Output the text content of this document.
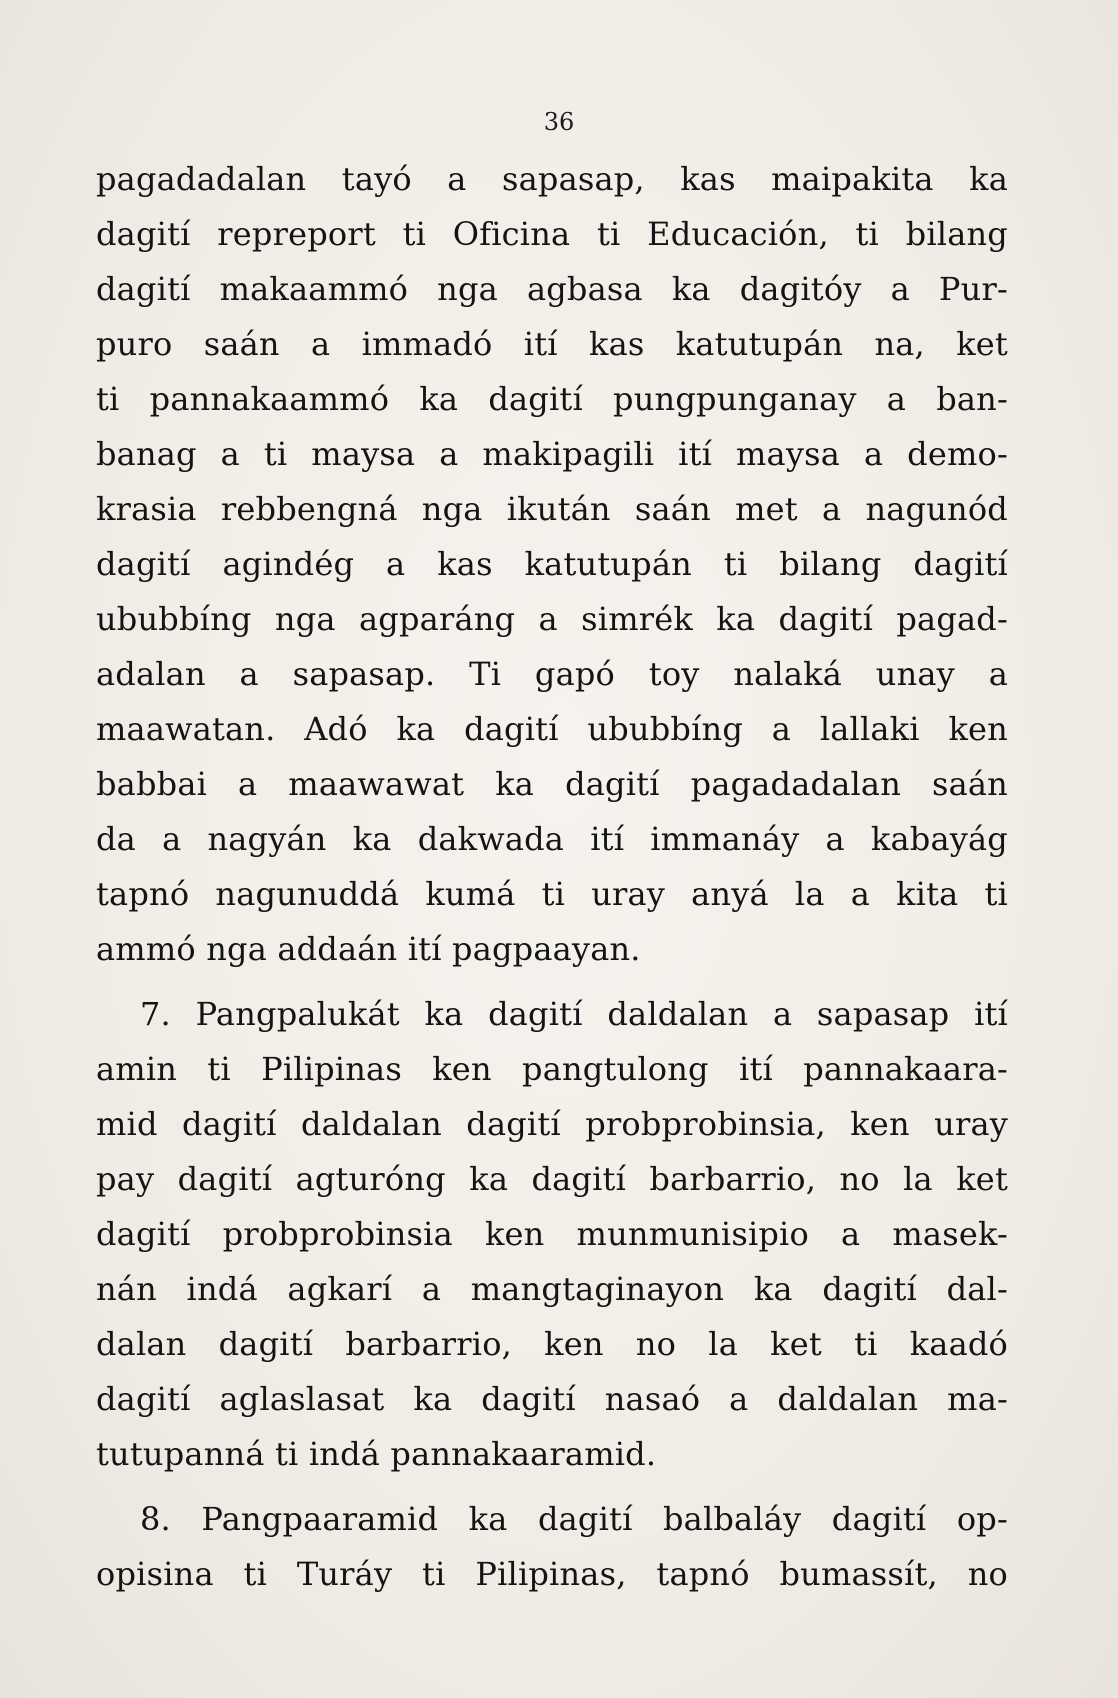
36
pagadadalan tayó a sapasap, kas maipakita ka
dagití repreport ti Oficina ti Educación, ti bilang
dagití makaammó nga agbasa ka dagitóy a Pur-
puro saán a immadó ití kas katutupán na, ket
ti pannakaammó ka dagití pungpunganay a ban-
banag a ti maysa a makipagili ití maysa a demo-
krasia rebbengná nga ikután saán met a nagunód
dagití agindég a kas katutupán ti bilang dagití
ububbíng nga agparáng a simrék ka dagití pagad-
adalan a sapasap. Ti gapó toy nalaká unay a
maawatan. Adó ka dagití ububbíng a lallaki ken
babbai a maawawat ka dagití pagadadalan saán
da a nagyán ka dakwada ití immanáy a kabayág
tapnó nagunuddá kumá ti uray anyá la a kita ti
ammó nga addaán ití pagpaayan.
7. Pangpalukát ka dagití daldalan a sapasap ití
amin ti Pilipinas ken pangtulong ití pannakaara-
mid dagití daldalan dagití probprobinsia, ken uray
pay dagití agturóng ka dagití barbarrio, no la ket
dagití probprobinsia ken munmunisipio a masek-
nán indá agkarí a mangtaginayon ka dagití dal-
dalan dagití barbarrio, ken no la ket ti kaadó
dagití aglaslasat ka dagití nasaó a daldalan ma-
tutupanná ti indá pannakaaramid.
8. Pangpaaramid ka dagití balbaláy dagití op-
opisina ti Turáy ti Pilipinas, tapnó bumassít, no
